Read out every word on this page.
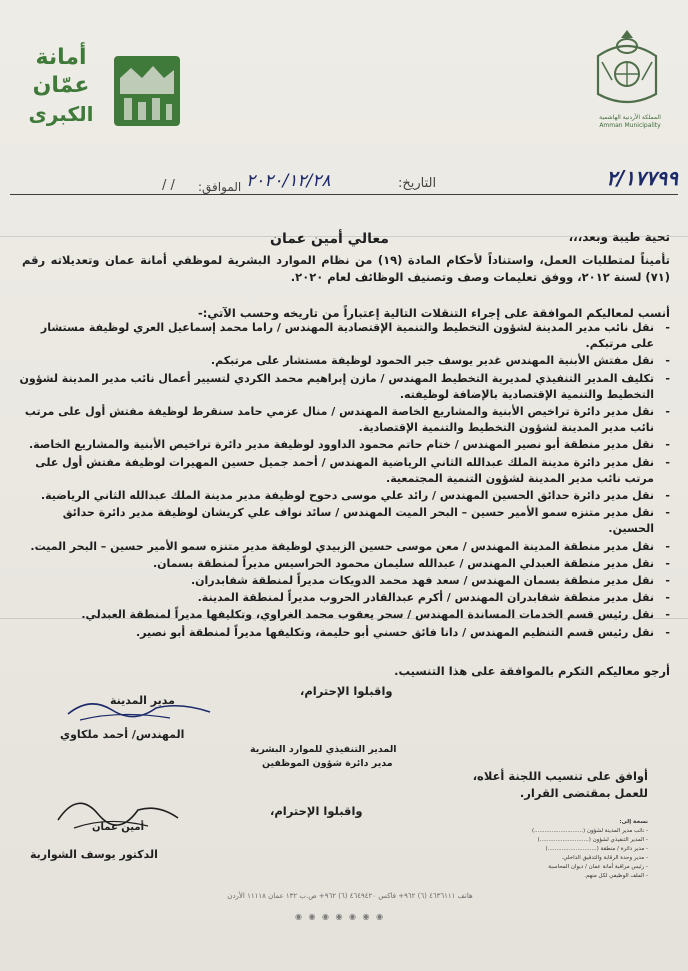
أمانة
عمّان
الكبرى	المملكة الأردنية الهاشمية
Amman Municipality
٢/١٧٧٩٩
التاريخ:
٢٠٢٠/١٢/٢٨
الموافق:
/ /
تحية طيبة وبعد،،،
معالي أمين عمان
تأميناً لمتطلبات العمل، واستناداً لأحكام المادة (١٩) من نظام الموارد البشرية لموظفي أمانة عمان وتعديلاته رقم (٧١) لسنة ٢٠١٢، ووفق تعليمات وصف وتصنيف الوظائف لعام ٢٠٢٠.
أنسب لمعاليكم الموافقة على إجراء التنقلات التالية إعتباراً من تاريخه وحسب الآتي:-
- نقل نائب مدير المدينة لشؤون التخطيط والتنمية الإقتصادية المهندس / راما محمد إسماعيل العري لوظيفة مستشار على مرتبكم.
- نقل مفتش الأبنية المهندس غدير يوسف جبر الحمود لوظيفة مستشار على مرتبكم.
- تكليف المدير التنفيذي لمديرية التخطيط المهندس / مازن إبراهيم محمد الكردي لتسيير أعمال نائب مدير المدينة لشؤون التخطيط والتنمية الإقتصادية بالإضافة لوظيفته.
- نقل مدير دائرة تراخيص الأبنية والمشاريع الخاصة المهندس / منال عزمي حامد سنقرط لوظيفة مفتش أول على مرتب نائب مدير المدينة لشؤون التخطيط والتنمية الإقتصادية.
- نقل مدير منطقة أبو نصير المهندس / ختام حاتم محمود الداوود لوظيفة مدير دائرة تراخيص الأبنية والمشاريع الخاصة.
- نقل مدير دائرة مدينة الملك عبدالله الثاني الرياضية المهندس / أحمد جميل حسين المهيرات لوظيفة مفتش أول على مرتب نائب مدير المدينة لشؤون التنمية المجتمعية.
- نقل مدير دائرة حدائق الحسين المهندس / رائد علي موسى دحوح لوظيفة مدير مدينة الملك عبدالله الثاني الرياضية.
- نقل مدير متنزه سمو الأمير حسين – البحر الميت المهندس / سائد نواف علي كريشان لوظيفة مدير دائرة حدائق الحسين.
- نقل مدير منطقة المدينة المهندس / معن موسى حسين الزبيدي لوظيفة مدير متنزه سمو الأمير حسين – البحر الميت.
- نقل مدير منطقة العبدلي المهندس / عبدالله سليمان محمود الحراسيس مديراً لمنطقة بسمان.
- نقل مدير منطقة بسمان المهندس / سعد فهد محمد الدويكات مديراً لمنطقة شفابدران.
- نقل مدير منطقة شفابدران المهندس / أكرم عبدالقادر الحروب مديراً لمنطقة المدينة.
- نقل رئيس قسم الخدمات المساندة المهندس / سحر يعقوب محمد الغراوي، وتكليفها مديراً لمنطقة العبدلي.
- نقل رئيس قسم التنظيم المهندس / دانا فائق حسني أبو حليمة، وتكليفها مديراً لمنطقة أبو نصير.
أرجو معاليكم التكرم بالموافقة على هذا التنسيب.
واقبلوا الإحترام،
مدير المدينة
المهندس/ أحمد ملكاوي
المدير التنفيذي للموارد البشرية
مدير دائرة شؤون الموظفين
أوافق على تنسيب اللجنة أعلاه، للعمل بمقتضى القرار.
واقبلوا الإحترام،
أمين عمان
الدكتور يوسف الشواربة
نسخة إلى:
- نائب مدير المدينة لشؤون (............................)
- المدير التنفيذي لشؤون (............................)
- مدير دائرة / منطقة (............................)
- مدير وحدة الرقابة والتدقيق الداخلي.
- رئيس مراقبة أمانة عمان / ديوان المحاسبة
- الملف الوظيفي لكل منهم.
هاتف ٤٦٣٦١١١ (٦) ٩٦٢+ فاكس ٤٦٤٩٤٢٠ (٦) ٩٦٢+ ص.ب ١٣٢ عمان ١١١١٨ الأردن
◉ ◉ ◉ ◉ ◉ ◉ ◉
